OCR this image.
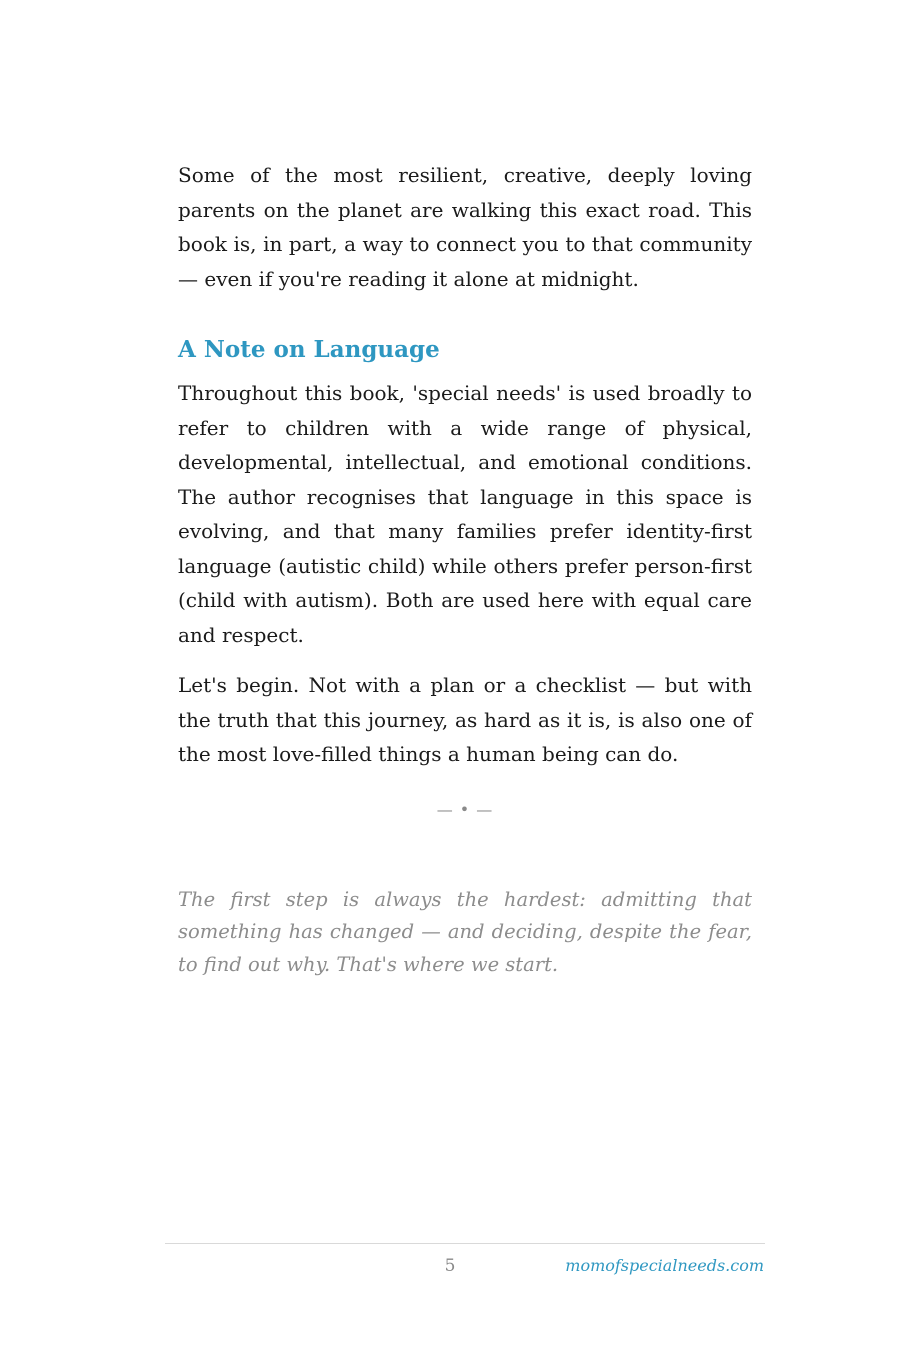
Some of the most resilient, creative, deeply loving parents on the planet are walking this exact road. This book is, in part, a way to connect you to that community — even if you're reading it alone at midnight.

A Note on Language

Throughout this book, 'special needs' is used broadly to refer to children with a wide range of physical, developmental, intellectual, and emotional conditions. The author recognises that language in this space is evolving, and that many families prefer identity-first language (autistic child) while others prefer person-first (child with autism). Both are used here with equal care and respect.

Let's begin. Not with a plan or a checklist — but with the truth that this journey, as hard as it is, is also one of the most love-filled things a human being can do.

— • —

The first step is always the hardest: admitting that something has changed — and deciding, despite the fear, to find out why. That's where we start.

5	momofspecialneeds.com
